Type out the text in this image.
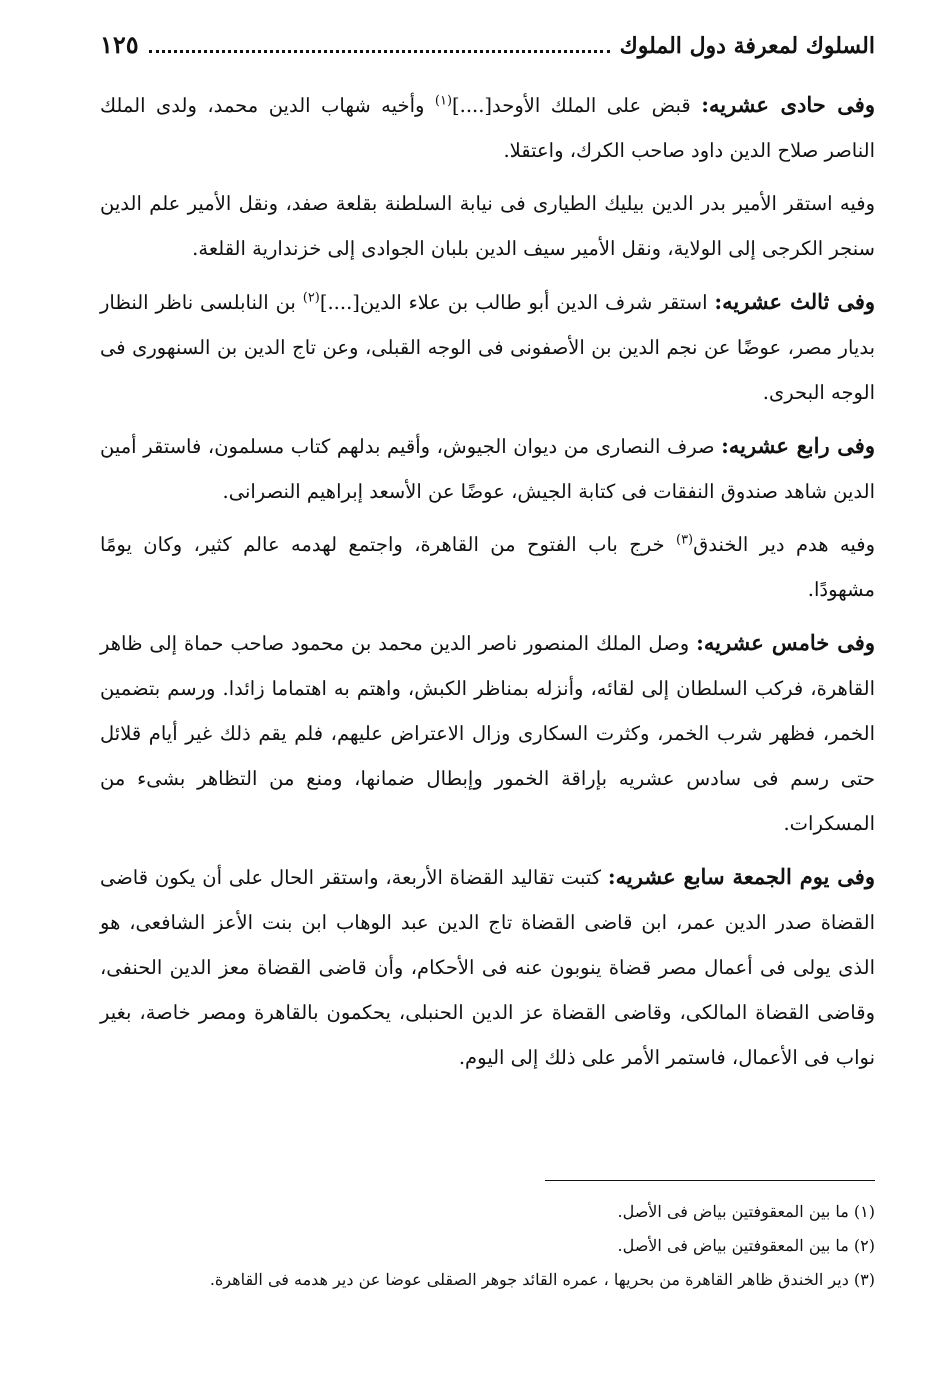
السلوك لمعرفة دول الملوك
١٢٥

وفى حادى عشريه: قبض على الملك الأوحد[....]$^{(١)}$ وأخيه شهاب الدين محمد، ولدى الملك الناصر صلاح الدين داود صاحب الكرك، واعتقلا.

وفيه استقر الأمير بدر الدين بيليك الطيارى فى نيابة السلطنة بقلعة صفد، ونقل الأمير علم الدين سنجر الكرجى إلى الولاية، ونقل الأمير سيف الدين بلبان الجوادى إلى خزندارية القلعة.

وفى ثالث عشريه: استقر شرف الدين أبو طالب بن علاء الدين[....]$^{(٢)}$ بن النابلسى ناظر النظار بديار مصر، عوضًا عن نجم الدين بن الأصفونى فى الوجه القبلى، وعن تاج الدين بن السنهورى فى الوجه البحرى.

وفى رابع عشريه: صرف النصارى من ديوان الجيوش، وأقيم بدلهم كتاب مسلمون، فاستقر أمين الدين شاهد صندوق النفقات فى كتابة الجيش، عوضًا عن الأسعد إبراهيم النصرانى.

وفيه هدم دير الخندق$^{(٣)}$ خرج باب الفتوح من القاهرة، واجتمع لهدمه عالم كثير، وكان يومًا مشهودًا.

وفى خامس عشريه: وصل الملك المنصور ناصر الدين محمد بن محمود صاحب حماة إلى ظاهر القاهرة، فركب السلطان إلى لقائه، وأنزله بمناظر الكبش، واهتم به اهتماما زائدا. ورسم بتضمين الخمر، فظهر شرب الخمر، وكثرت السكارى وزال الاعتراض عليهم، فلم يقم ذلك غير أيام قلائل حتى رسم فى سادس عشريه بإراقة الخمور وإبطال ضمانها، ومنع من التظاهر بشىء من المسكرات.

وفى يوم الجمعة سابع عشريه: كتبت تقاليد القضاة الأربعة، واستقر الحال على أن يكون قاضى القضاة صدر الدين عمر، ابن قاضى القضاة تاج الدين عبد الوهاب ابن بنت الأعز الشافعى، هو الذى يولى فى أعمال مصر قضاة ينوبون عنه فى الأحكام، وأن قاضى القضاة معز الدين الحنفى، وقاضى القضاة المالكى، وقاضى القضاة عز الدين الحنبلى، يحكمون بالقاهرة ومصر خاصة، بغير نواب فى الأعمال، فاستمر الأمر على ذلك إلى اليوم.

(١) ما بين المعقوفتين بياض فى الأصل.

(٢) ما بين المعقوفتين بياض فى الأصل.

(٣) دير الخندق ظاهر القاهرة من بحريها ، عمره القائد جوهر الصقلى عوضا عن دير هدمه فى القاهرة.
